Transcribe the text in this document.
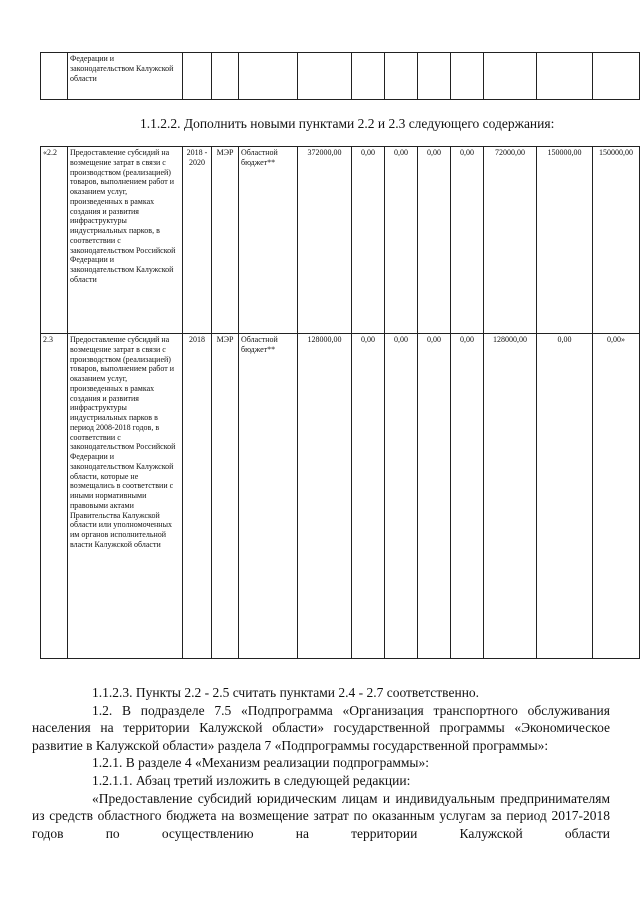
	Федерации и законодательством Калужской области											
1.1.2.2. Дополнить новыми пунктами 2.2 и 2.3 следующего содержания:
«2.2	Предоставление субсидий на возмещение затрат в связи с производством (реализацией) товаров, выполнением работ и оказанием услуг, произведенных в рамках создания и развития инфраструктуры индустриальных парков, в соответствии с законодательством Российской Федерации и законодательством Калужской области	2018 - 2020	МЭР	Областной бюджет**	372000,00	0,00	0,00	0,00	0,00	72000,00	150000,00	150000,00
2.3	Предоставление субсидий на возмещение затрат в связи с производством (реализацией) товаров, выполнением работ и оказанием услуг, произведенных в рамках создания и развития инфраструктуры индустриальных парков в период 2008-2018 годов, в соответствии с законодательством Российской Федерации и законодательством Калужской области, которые не возмещались в соответствии с иными нормативными правовыми актами Правительства Калужской области или уполномоченных им органов исполнительной власти Калужской области	2018	МЭР	Областной бюджет**	128000,00	0,00	0,00	0,00	0,00	128000,00	0,00	0,00»

1.1.2.3. Пункты 2.2 - 2.5 считать пунктами 2.4 - 2.7 соответственно.

1.2. В подразделе 7.5 «Подпрограмма «Организация транспортного обслуживания населения на территории Калужской области» государственной программы «Экономическое развитие в Калужской области» раздела 7 «Подпрограммы государственной программы»:

1.2.1. В разделе 4 «Механизм реализации подпрограммы»:

1.2.1.1. Абзац третий изложить в следующей редакции:

«Предоставление субсидий юридическим лицам и индивидуальным предпринимателям из средств областного бюджета на возмещение затрат по оказанным услугам за период 2017-2018 годов по осуществлению на территории Калужской области
